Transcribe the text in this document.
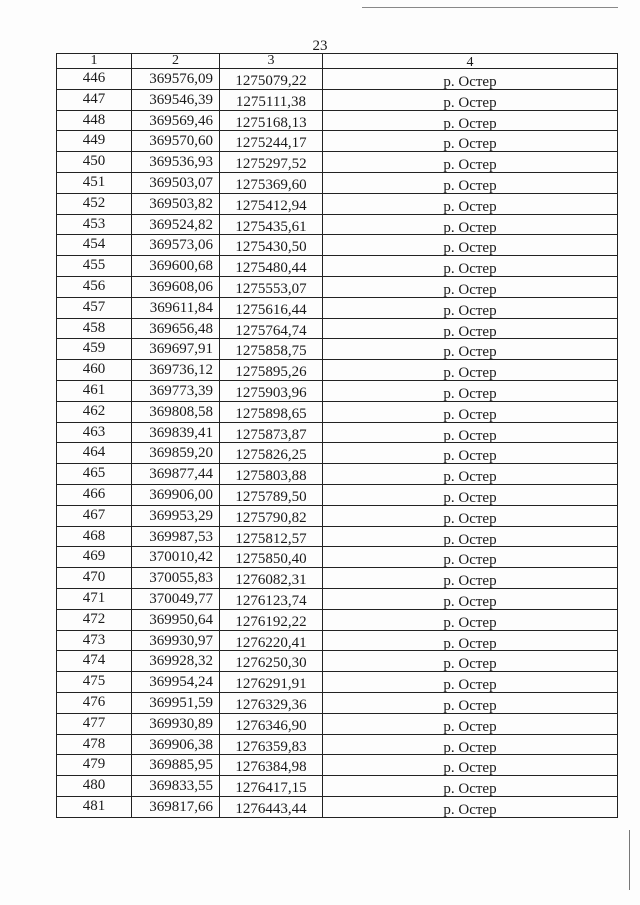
23
1	2	3	4
446	369576,09	1275079,22	р. Остер
447	369546,39	1275111,38	р. Остер
448	369569,46	1275168,13	р. Остер
449	369570,60	1275244,17	р. Остер
450	369536,93	1275297,52	р. Остер
451	369503,07	1275369,60	р. Остер
452	369503,82	1275412,94	р. Остер
453	369524,82	1275435,61	р. Остер
454	369573,06	1275430,50	р. Остер
455	369600,68	1275480,44	р. Остер
456	369608,06	1275553,07	р. Остер
457	369611,84	1275616,44	р. Остер
458	369656,48	1275764,74	р. Остер
459	369697,91	1275858,75	р. Остер
460	369736,12	1275895,26	р. Остер
461	369773,39	1275903,96	р. Остер
462	369808,58	1275898,65	р. Остер
463	369839,41	1275873,87	р. Остер
464	369859,20	1275826,25	р. Остер
465	369877,44	1275803,88	р. Остер
466	369906,00	1275789,50	р. Остер
467	369953,29	1275790,82	р. Остер
468	369987,53	1275812,57	р. Остер
469	370010,42	1275850,40	р. Остер
470	370055,83	1276082,31	р. Остер
471	370049,77	1276123,74	р. Остер
472	369950,64	1276192,22	р. Остер
473	369930,97	1276220,41	р. Остер
474	369928,32	1276250,30	р. Остер
475	369954,24	1276291,91	р. Остер
476	369951,59	1276329,36	р. Остер
477	369930,89	1276346,90	р. Остер
478	369906,38	1276359,83	р. Остер
479	369885,95	1276384,98	р. Остер
480	369833,55	1276417,15	р. Остер
481	369817,66	1276443,44	р. Остер
